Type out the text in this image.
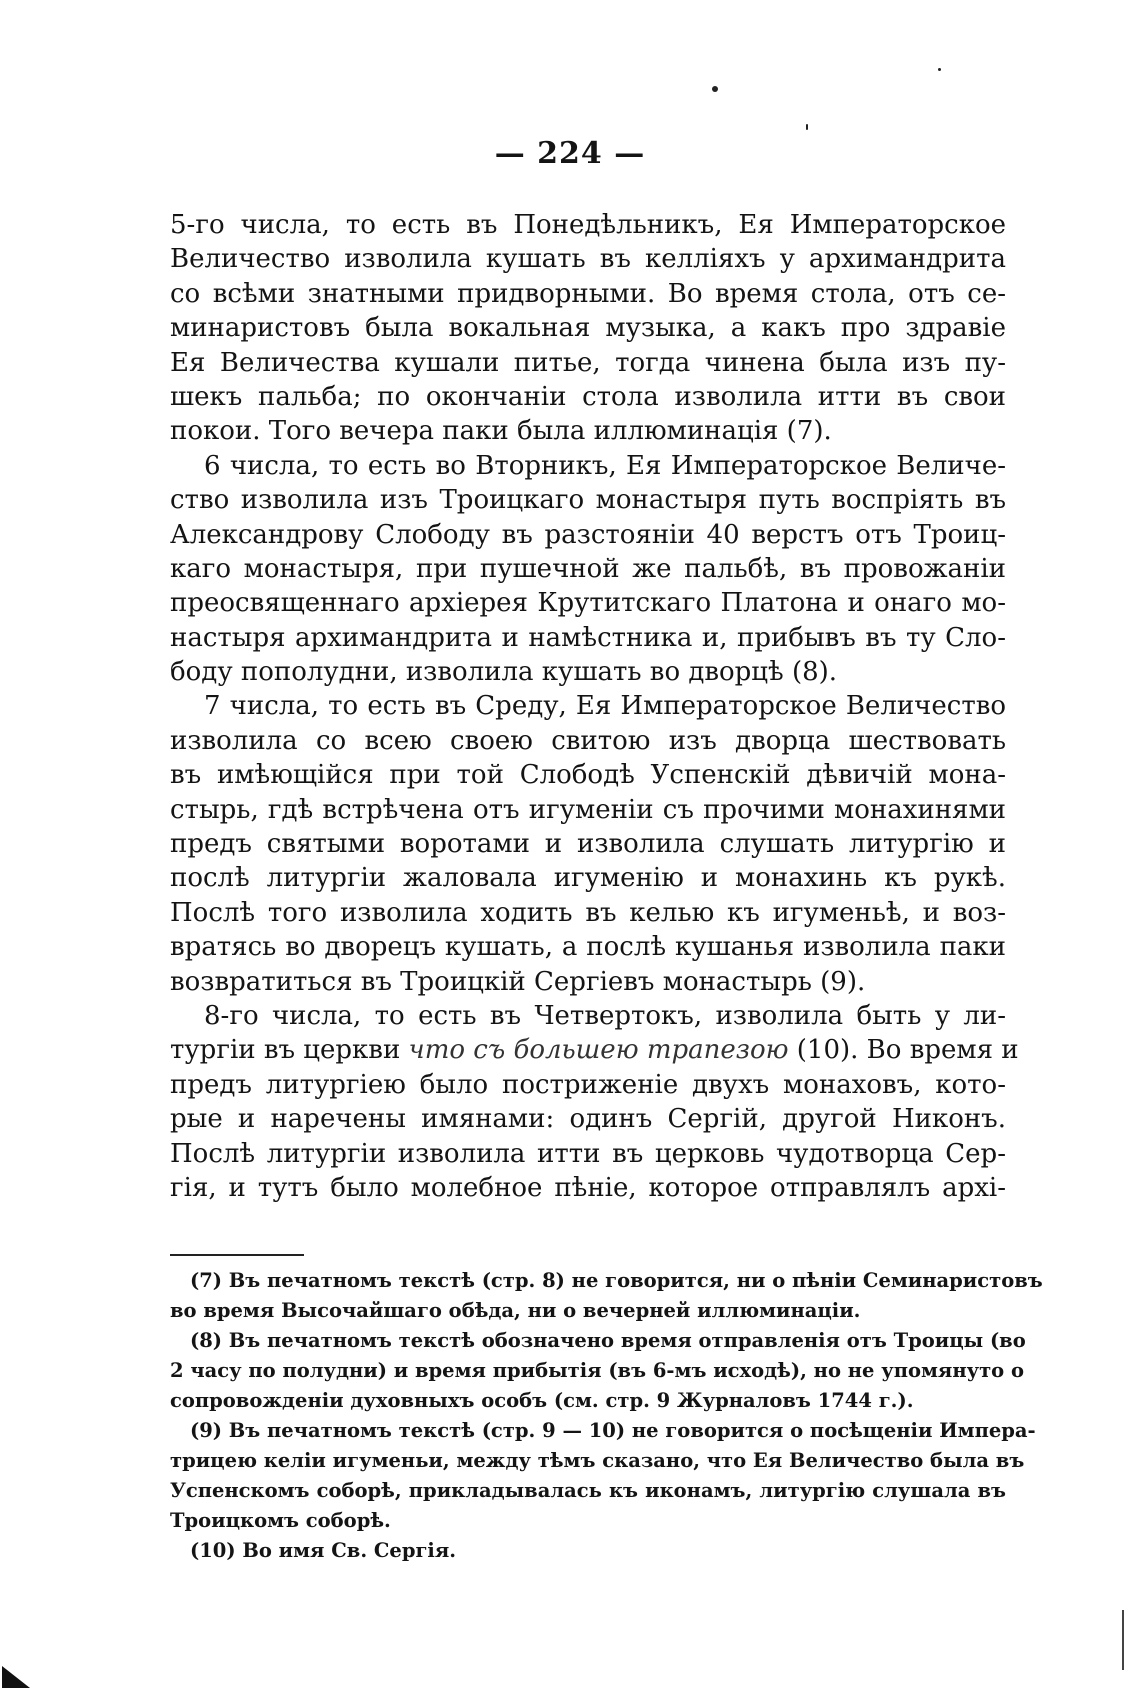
— 224 —
5-го числа, то есть въ Понедѣльникъ, Ея Императорское
Величество изволила кушать въ келліяхъ у архимандрита
со всѣми знатными придворными. Во время стола, отъ се-
минаристовъ была вокальная музыка, а какъ про здравіе
Ея Величества кушали питье, тогда чинена была изъ пу-
шекъ пальба; по окончаніи стола изволила итти въ свои
покои. Того вечера паки была иллюминація (7).
6 числа, то есть во Вторникъ, Ея Императорское Величе-
ство изволила изъ Троицкаго монастыря путь воспріять въ
Александрову Слободу въ разстояніи 40 верстъ отъ Троиц-
каго монастыря, при пушечной же пальбѣ, въ провожаніи
преосвященнаго архіерея Крутитскаго Платона и онаго мо-
настыря архимандрита и намѣстника и, прибывъ въ ту Сло-
боду пополудни, изволила кушать во дворцѣ (8).
7 числа, то есть въ Среду, Ея Императорское Величество
изволила со всею своею свитою изъ дворца шествовать
въ имѣющійся при той Слободѣ Успенскій дѣвичій мона-
стырь, гдѣ встрѣчена отъ игуменіи съ прочими монахинями
предъ святыми воротами и изволила слушать литургію и
послѣ литургіи жаловала игуменію и монахинь къ рукѣ.
Послѣ того изволила ходить въ келью къ игуменьѣ, и воз-
вратясь во дворецъ кушать, а послѣ кушанья изволила паки
возвратиться въ Троицкій Сергіевъ монастырь (9).
8-го числа, то есть въ Четвертокъ, изволила быть у ли-
тургіи въ церкви что съ большею трапезою (10). Во время и
предъ литургіею было постриженіе двухъ монаховъ, кото-
рые и наречены имянами: одинъ Сергій, другой Никонъ.
Послѣ литургіи изволила итти въ церковь чудотворца Сер-
гія, и тутъ было молебное пѣніе, которое отправлялъ архі-
(7) Въ печатномъ текстѣ (стр. 8) не говорится, ни о пѣніи Семинаристовъ
во время Высочайшаго обѣда, ни о вечерней иллюминаціи.
(8) Въ печатномъ текстѣ обозначено время отправленія отъ Троицы (во
2 часу по полудни) и время прибытія (въ 6-мъ исходѣ), но не упомянуто о
сопровожденіи духовныхъ особъ (см. стр. 9 Журналовъ 1744 г.).
(9) Въ печатномъ текстѣ (стр. 9 — 10) не говорится о посѣщеніи Импера-
трицею келіи игуменьи, между тѣмъ сказано, что Ея Величество была въ
Успенскомъ соборѣ, прикладывалась къ иконамъ, литургію слушала въ
Троицкомъ соборѣ.
(10) Во имя Св. Сергія.
